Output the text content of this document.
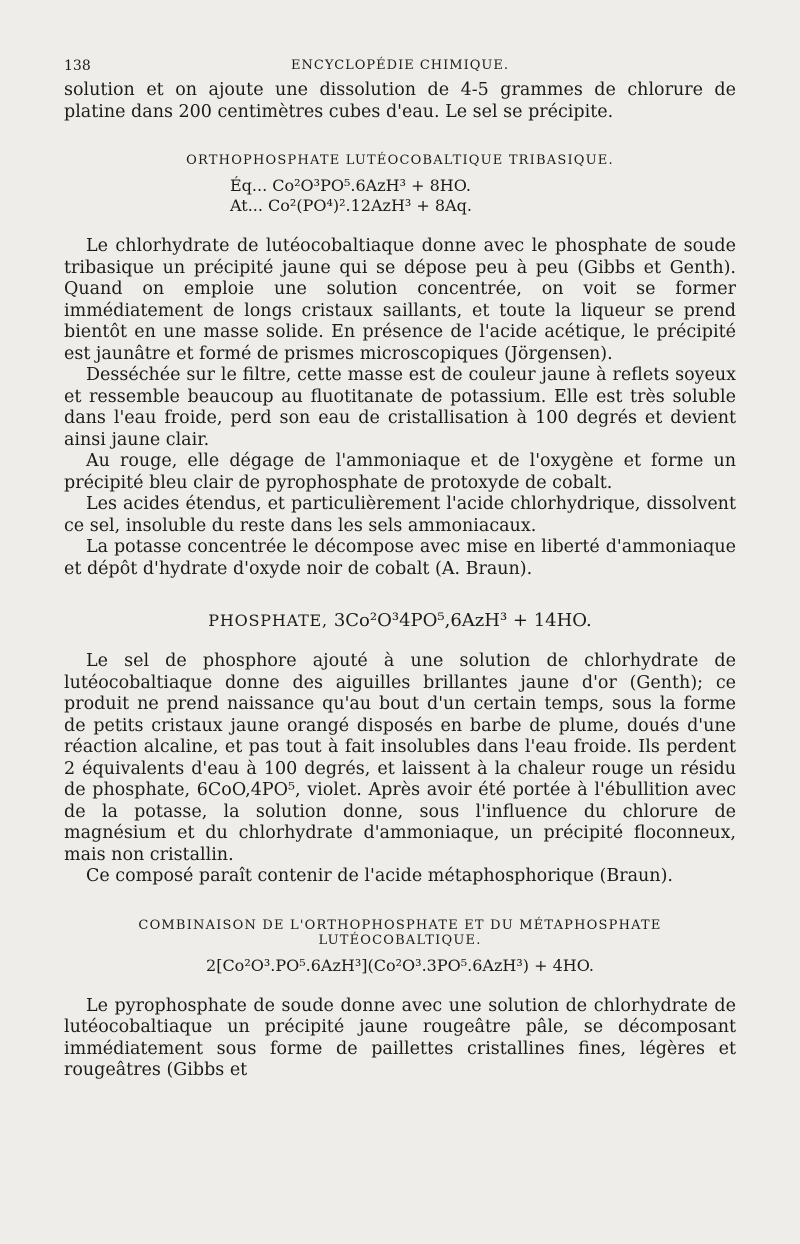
138	ENCYCLOPÉDIE CHIMIQUE.

solution et on ajoute une dissolution de 4-5 grammes de chlorure de platine dans 200 centimètres cubes d'eau. Le sel se précipite.

ORTHOPHOSPHATE LUTÉOCOBALTIQUE TRIBASIQUE.
Éq... Co²O³PO⁵.6AzH³ + 8HO.
At... Co²(PO⁴)².12AzH³ + 8Aq.

Le chlorhydrate de lutéocobaltiaque donne avec le phosphate de soude tribasique un précipité jaune qui se dépose peu à peu (Gibbs et Genth). Quand on emploie une solution concentrée, on voit se former immédiatement de longs cristaux saillants, et toute la liqueur se prend bientôt en une masse solide. En présence de l'acide acétique, le précipité est jaunâtre et formé de prismes microscopiques (Jörgensen).

Desséchée sur le filtre, cette masse est de couleur jaune à reflets soyeux et ressemble beaucoup au fluotitanate de potassium. Elle est très soluble dans l'eau froide, perd son eau de cristallisation à 100 degrés et devient ainsi jaune clair.

Au rouge, elle dégage de l'ammoniaque et de l'oxygène et forme un précipité bleu clair de pyrophosphate de protoxyde de cobalt.

Les acides étendus, et particulièrement l'acide chlorhydrique, dissolvent ce sel, insoluble du reste dans les sels ammoniacaux.

La potasse concentrée le décompose avec mise en liberté d'ammoniaque et dépôt d'hydrate d'oxyde noir de cobalt (A. Braun).

PHOSPHATE, 3Co²O³4PO⁵,6AzH³ + 14HO.

Le sel de phosphore ajouté à une solution de chlorhydrate de lutéocobaltiaque donne des aiguilles brillantes jaune d'or (Genth); ce produit ne prend naissance qu'au bout d'un certain temps, sous la forme de petits cristaux jaune orangé disposés en barbe de plume, doués d'une réaction alcaline, et pas tout à fait insolubles dans l'eau froide. Ils perdent 2 équivalents d'eau à 100 degrés, et laissent à la chaleur rouge un résidu de phosphate, 6CoO,4PO⁵, violet. Après avoir été portée à l'ébullition avec de la potasse, la solution donne, sous l'influence du chlorure de magnésium et du chlorhydrate d'ammoniaque, un précipité floconneux, mais non cristallin.

Ce composé paraît contenir de l'acide métaphosphorique (Braun).

COMBINAISON DE L'ORTHOPHOSPHATE ET DU MÉTAPHOSPHATE LUTÉOCOBALTIQUE.
2[Co²O³.PO⁵.6AzH³](Co²O³.3PO⁵.6AzH³) + 4HO.

Le pyrophosphate de soude donne avec une solution de chlorhydrate de lutéocobaltiaque un précipité jaune rougeâtre pâle, se décomposant immédiatement sous forme de paillettes cristallines fines, légères et rougeâtres (Gibbs et
